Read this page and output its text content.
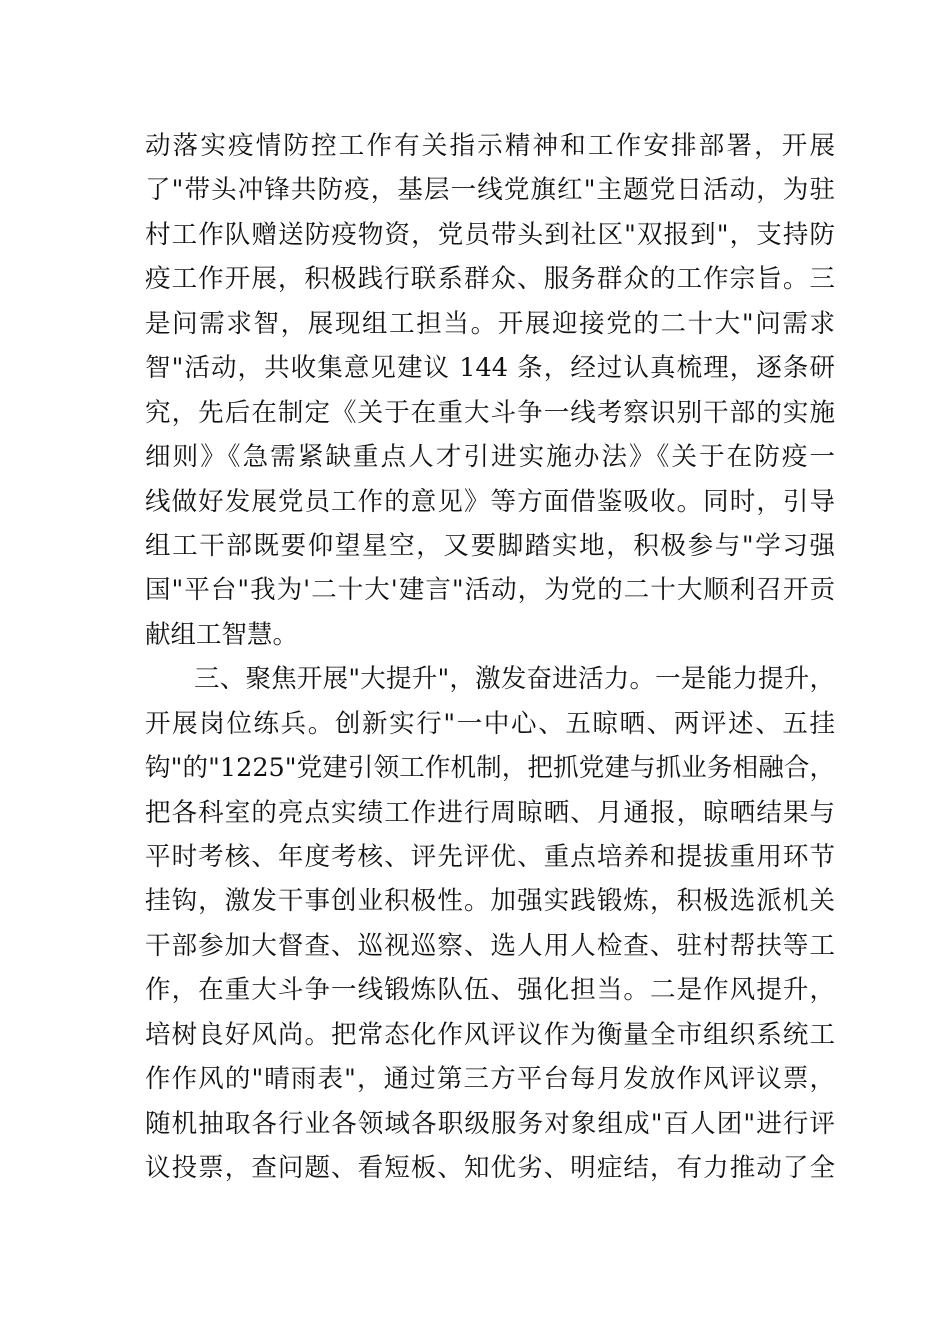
动落实疫情防控工作有关指示精神和工作安排部署，开展
了"带头冲锋共防疫，基层一线党旗红"主题党日活动，为驻
村工作队赠送防疫物资，党员带头到社区"双报到"，支持防
疫工作开展，积极践行联系群众、服务群众的工作宗旨。三
是问需求智，展现组工担当。开展迎接党的二十大"问需求
智"活动，共收集意见建议 144 条，经过认真梳理，逐条研
究，先后在制定《关于在重大斗争一线考察识别干部的实施
细则》《急需紧缺重点人才引进实施办法》《关于在防疫一
线做好发展党员工作的意见》等方面借鉴吸收。同时，引导
组工干部既要仰望星空，又要脚踏实地，积极参与"学习强
国"平台"我为'二十大'建言"活动，为党的二十大顺利召开贡
献组工智慧。
三、聚焦开展"大提升"，激发奋进活力。一是能力提升，
开展岗位练兵。创新实行"一中心、五晾晒、两评述、五挂
钩"的"1225"党建引领工作机制，把抓党建与抓业务相融合，
把各科室的亮点实绩工作进行周晾晒、月通报，晾晒结果与
平时考核、年度考核、评先评优、重点培养和提拔重用环节
挂钩，激发干事创业积极性。加强实践锻炼，积极选派机关
干部参加大督查、巡视巡察、选人用人检查、驻村帮扶等工
作，在重大斗争一线锻炼队伍、强化担当。二是作风提升，
培树良好风尚。把常态化作风评议作为衡量全市组织系统工
作作风的"晴雨表"，通过第三方平台每月发放作风评议票，
随机抽取各行业各领域各职级服务对象组成"百人团"进行评
议投票，查问题、看短板、知优劣、明症结，有力推动了全
